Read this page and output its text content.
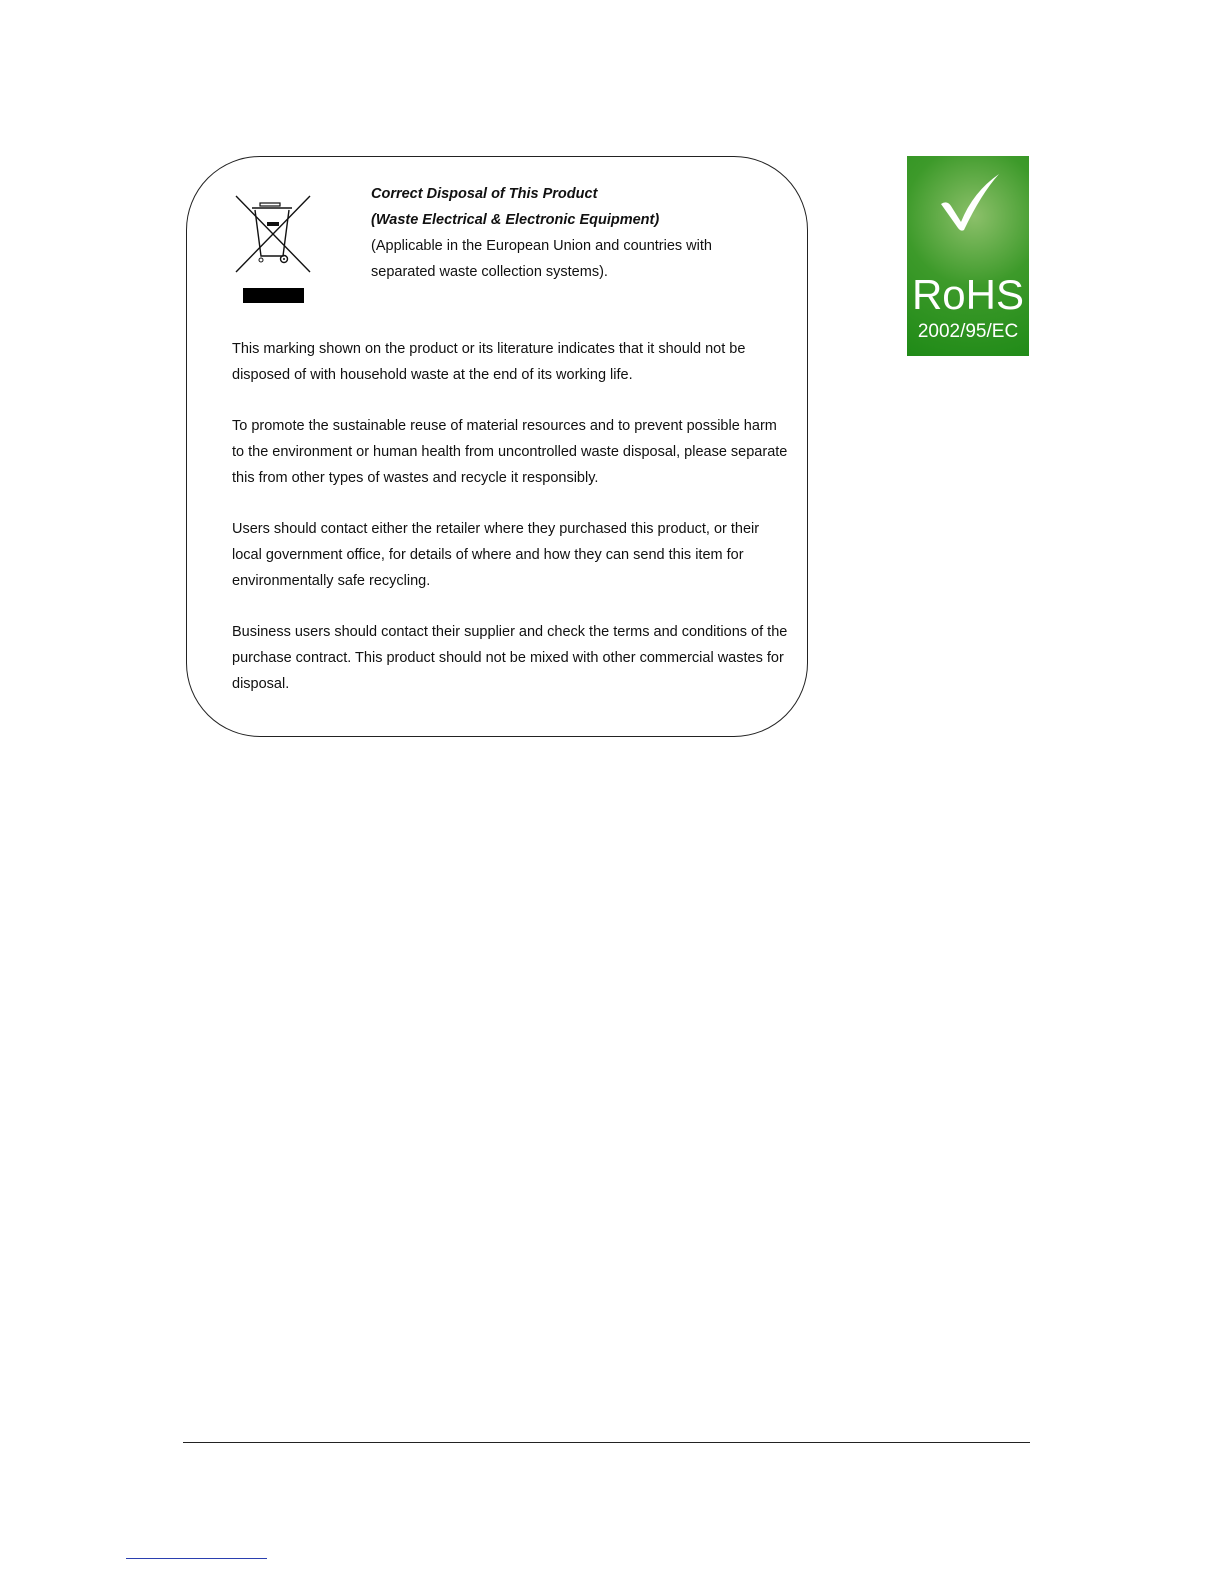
Correct Disposal of This Product
(Waste Electrical & Electronic Equipment)
(Applicable in the European Union and countries with
separated waste collection systems).

This marking shown on the product or its literature indicates that it should not be disposed of with household waste at the end of its working life.

To promote the sustainable reuse of material resources and to prevent possible harm to the environment or human health from uncontrolled waste disposal, please separate this from other types of wastes and recycle it responsibly.

Users should contact either the retailer where they purchased this product, or their local government office, for details of where and how they can send this item for environmentally safe recycling.

Business users should contact their supplier and check the terms and conditions of the purchase contract. This product should not be mixed with other commercial wastes for disposal.

RoHS
2002/95/EC
